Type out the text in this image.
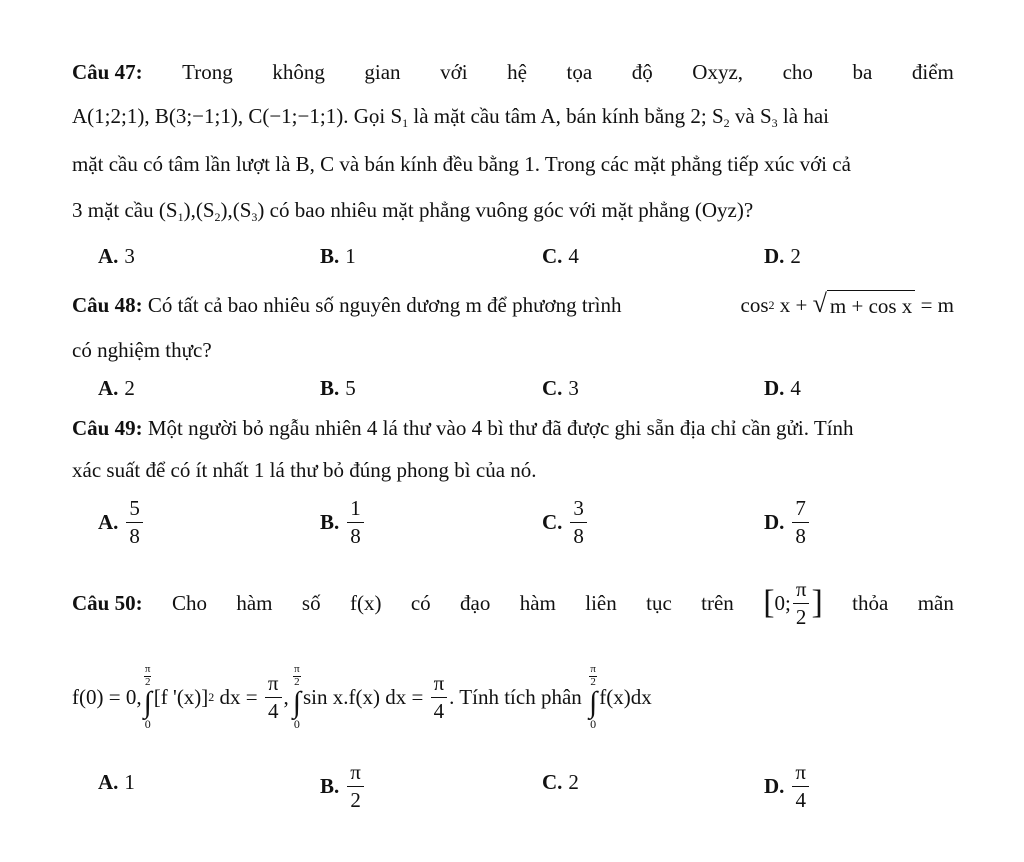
Câu 47: Trong không gian với hệ tọa độ Oxyz, cho ba điểm
A(1;2;1), B(3;−1;1), C(−1;−1;1). Gọi $S_1$ là mặt cầu tâm A, bán kính bằng 2; $S_2$ và $S_3$ là hai
mặt cầu có tâm lần lượt là B, C và bán kính đều bằng 1. Trong các mặt phẳng tiếp xúc với cả
3 mặt cầu $(S_1),(S_2),(S_3)$ có bao nhiêu mặt phẳng vuông góc với mặt phẳng (Oyz)?
A. 3	B. 1	C. 4	D. 2
Câu 48: Có tất cả bao nhiêu số nguyên dương m để phương trình	cos 2 x + √ m + cos x = m
có nghiệm thực?
A. 2	B. 5	C. 3	D. 4
Câu 49: Một người bỏ ngẫu nhiên 4 lá thư vào 4 bì thư đã được ghi sẵn địa chỉ cần gửi. Tính
xác suất để có ít nhất 1 lá thư bỏ đúng phong bì của nó.
A. $\frac{5}{8}$	B. $\frac{1}{8}$	C. $\frac{3}{8}$	D. $\frac{7}{8}$
Câu 50: Cho hàm số f(x) có đạo hàm liên tục trên [ 0; $\frac{\pi}{2}$ ] thỏa mãn
f(0) = 0,
$\frac{\pi}{2}$
∫
0
[f '(x)] 2 dx = $\frac{\pi}{4}$ ,
$\frac{\pi}{2}$
∫
0
sin x.f(x) dx = $\frac{\pi}{4}$ . Tính tích phân
$\frac{\pi}{2}$
∫
0
f(x)dx
A. 1	B. $\frac{\pi}{2}$	C. 2	D. $\frac{\pi}{4}$
